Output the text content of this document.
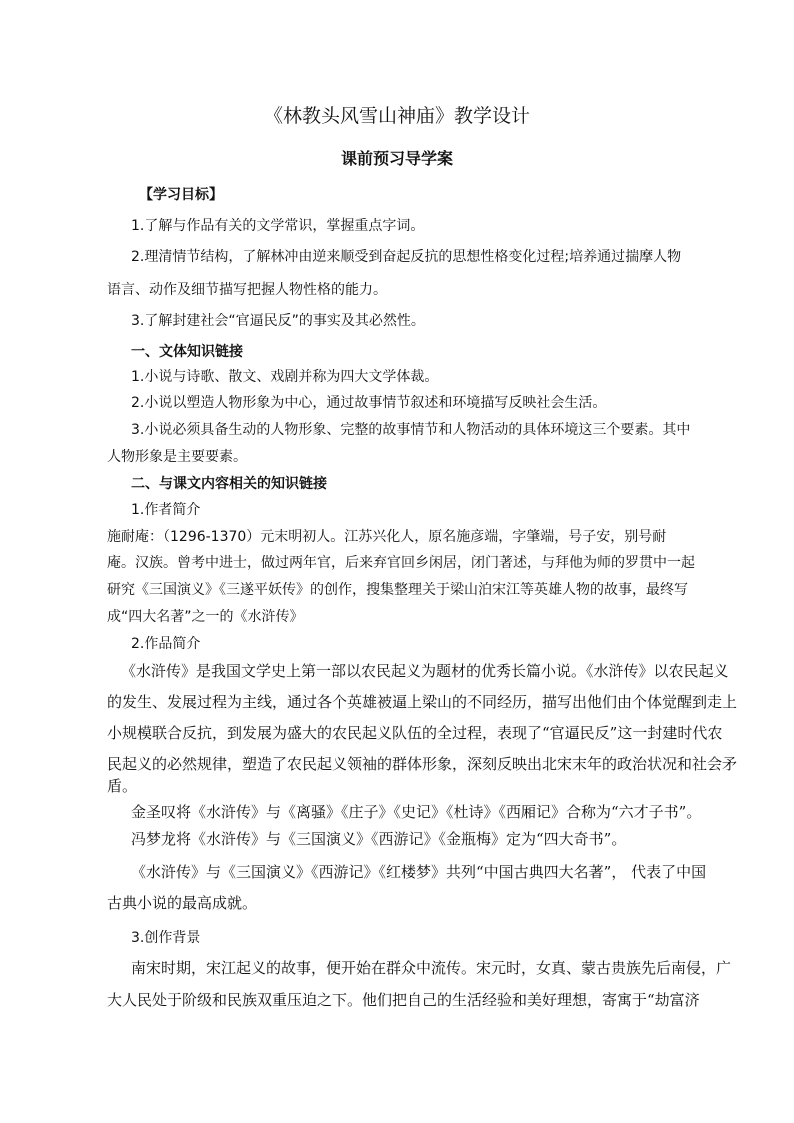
《林教头风雪山神庙》教学设计
课前预习导学案
【学习目标】
1.了解与作品有关的文学常识，掌握重点字词。
2.理清情节结构，了解林冲由逆来顺受到奋起反抗的思想性格变化过程;培养通过揣摩人物
语言、动作及细节描写把握人物性格的能力。
3.了解封建社会“官逼民反”的事实及其必然性。
一、文体知识链接
1.小说与诗歌、散文、戏剧并称为四大文学体裁。
2.小说以塑造人物形象为中心，通过故事情节叙述和环境描写反映社会生活。
3.小说必须具备生动的人物形象、完整的故事情节和人物活动的具体环境这三个要素。其中
人物形象是主要要素。
二、与课文内容相关的知识链接
1.作者简介
施耐庵：（1296-1370）元末明初人。江苏兴化人，原名施彦端，字肇端，号子安，别号耐
庵。汉族。曾考中进士，做过两年官，后来弃官回乡闲居，闭门著述，与拜他为师的罗贯中一起
研究《三国演义》《三遂平妖传》的创作，搜集整理关于梁山泊宋江等英雄人物的故事，最终写
成“四大名著”之一的《水浒传》
2.作品简介
《水浒传》是我国文学史上第一部以农民起义为题材的优秀长篇小说。《水浒传》以农民起义
的发生、发展过程为主线，通过各个英雄被逼上梁山的不同经历，描写出他们由个体觉醒到走上
小规模联合反抗，到发展为盛大的农民起义队伍的全过程，表现了“官逼民反”这一封建时代农
民起义的必然规律，塑造了农民起义领袖的群体形象，深刻反映出北宋末年的政治状况和社会矛
盾。
金圣叹将《水浒传》与《离骚》《庄子》《史记》《杜诗》《西厢记》合称为“六才子书”。
冯梦龙将《水浒传》与《三国演义》《西游记》《金瓶梅》定为“四大奇书”。
《水浒传》与《三国演义》《西游记》《红楼梦》共列“中国古典四大名著”， 代表了中国
古典小说的最高成就。
3.创作背景
南宋时期，宋江起义的故事，便开始在群众中流传。宋元时，女真、蒙古贵族先后南侵，广
大人民处于阶级和民族双重压迫之下。他们把自己的生活经验和美好理想，寄寓于“劫富济
